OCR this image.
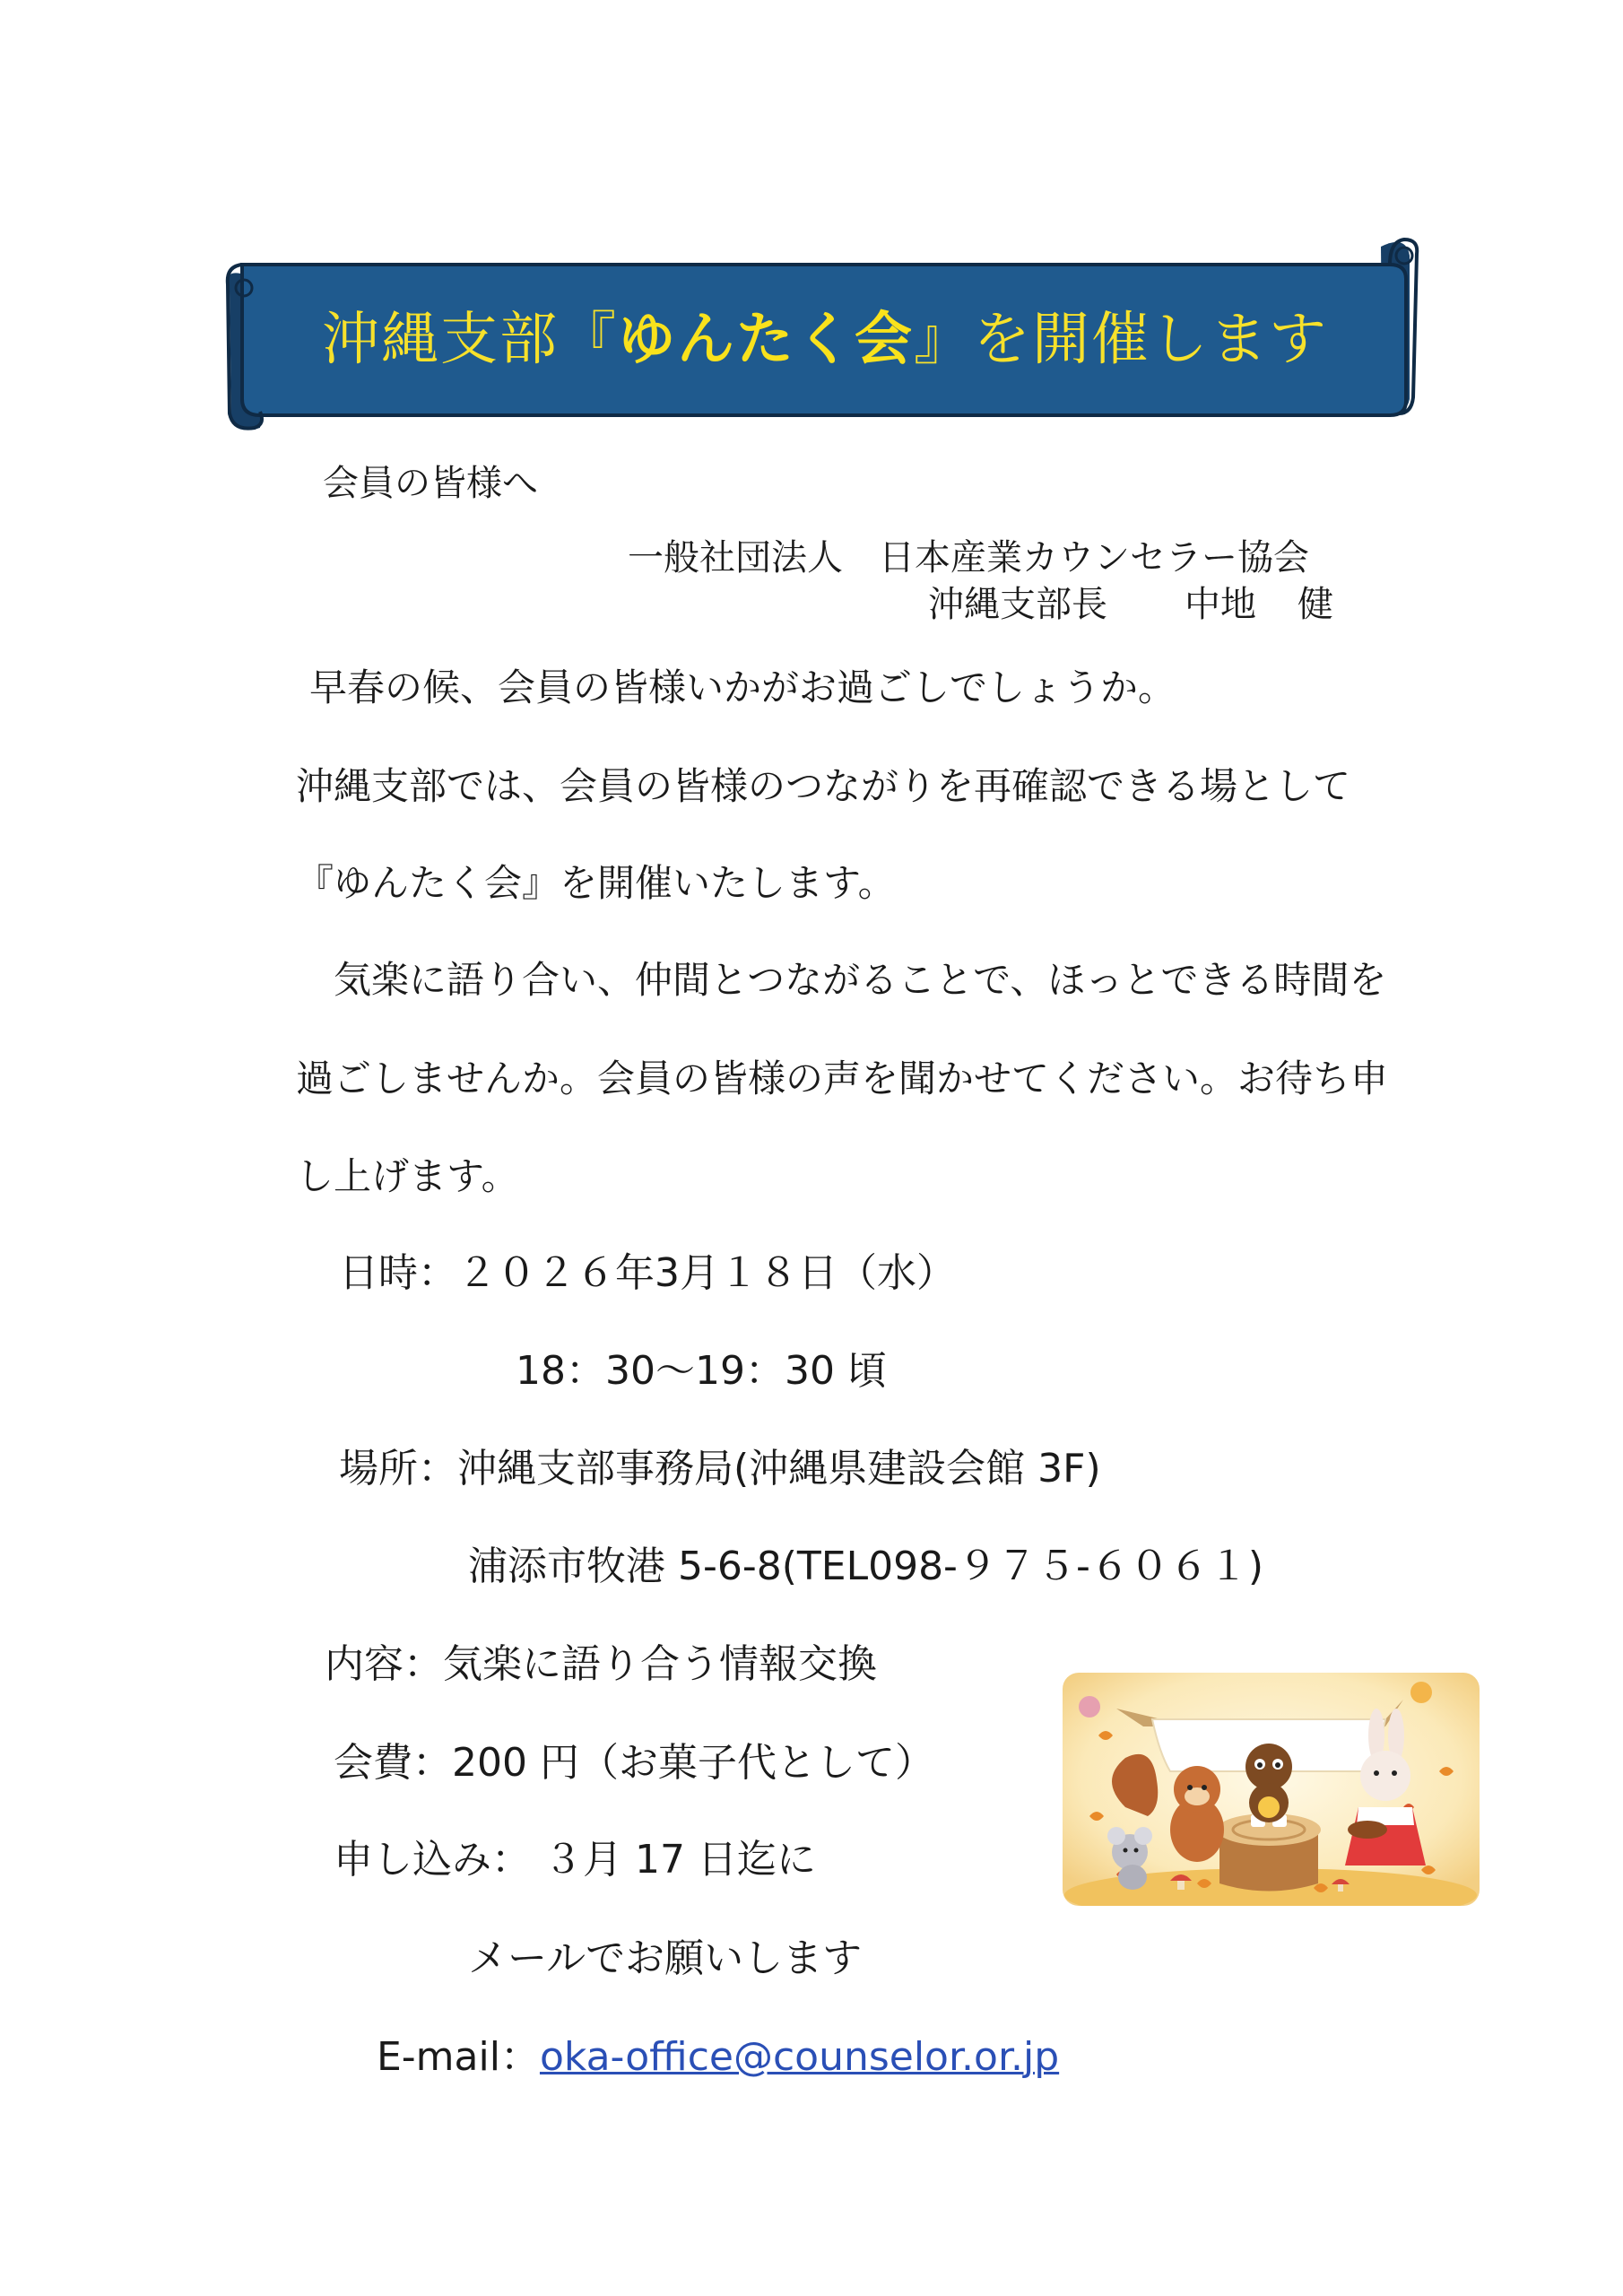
沖縄支部『ゆんたく会』を開催します
会員の皆様へ
一般社団法人　日本産業カウンセラー協会
沖縄支部長 中地 健
早春の候、会員の皆様いかがお過ごしでしょうか。
沖縄支部では、会員の皆様のつながりを再確認できる場として
『ゆんたく会』を開催いたします。
気楽に語り合い、仲間とつながることで、ほっとできる時間を
過ごしませんか。会員の皆様の声を聞かせてください。お待ち申
し上げます。
日時：２０２６年3月１８日（水）
18：30～19：30 頃
場所：沖縄支部事務局(沖縄県建設会館 3F)
浦添市牧港 5-6-8(TEL098-９７５-６０６１)
内容：気楽に語り合う情報交換
会費：200 円（お菓子代として）
申し込み： ３月 17 日迄に
メールでお願いします
E-mail：oka-office@counselor.or.jp
